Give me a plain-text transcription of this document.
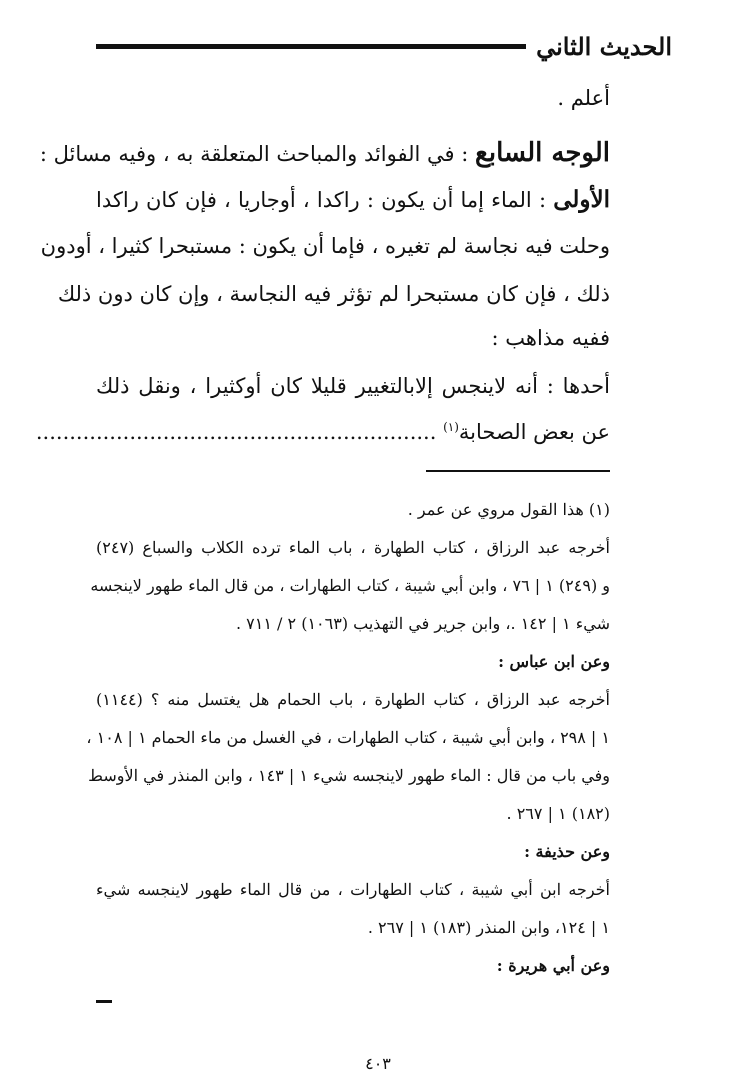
الحديث الثاني
أعلم .
الوجه السابع : في الفوائد والمباحث المتعلقة به ، وفيه مسائل :
الأولى : الماء إما أن يكون : راكدا ، أوجاريا ، فإن كان راكدا
وحلت فيه نجاسة لم تغيره ، فإما أن يكون : مستبحرا كثيرا ، أودون
ذلك ، فإن كان مستبحرا لم تؤثر فيه النجاسة ، وإن كان دون ذلك
ففيه مذاهب :
أحدها : أنه لاينجس إلابالتغيير قليلا كان أوكثيرا ، ونقل ذلك
عن بعض الصحابة$^{(١)}$ ............................................................
(١) هذا القول مروي عن عمر .
أخرجه عبد الرزاق ، كتاب الطهارة ، باب الماء ترده الكلاب والسباع (٢٤٧)
و (٢٤٩) ١ | ٧٦ ، وابن أبي شيبة ، كتاب الطهارات ، من قال الماء طهور لاينجسه
شيء ١ | ١٤٢ .، وابن جرير في التهذيب (١٠٦٣) ٢ / ٧١١ .
وعن ابن عباس :
أخرجه عبد الرزاق ، كتاب الطهارة ، باب الحمام هل يغتسل منه ؟ (١١٤٤)
١ | ٢٩٨ ، وابن أبي شيبة ، كتاب الطهارات ، في الغسل من ماء الحمام ١ | ١٠٨ ،
وفي باب من قال : الماء طهور لاينجسه شيء ١ | ١٤٣ ، وابن المنذر في الأوسط
(١٨٢) ١ | ٢٦٧ .
وعن حذيفة :
أخرجه ابن أبي شيبة ، كتاب الطهارات ، من قال الماء طهور لاينجسه شيء
١ | ١٢٤، وابن المنذر (١٨٣) ١ | ٢٦٧ .
وعن أبي هريرة :
٤٠٣
